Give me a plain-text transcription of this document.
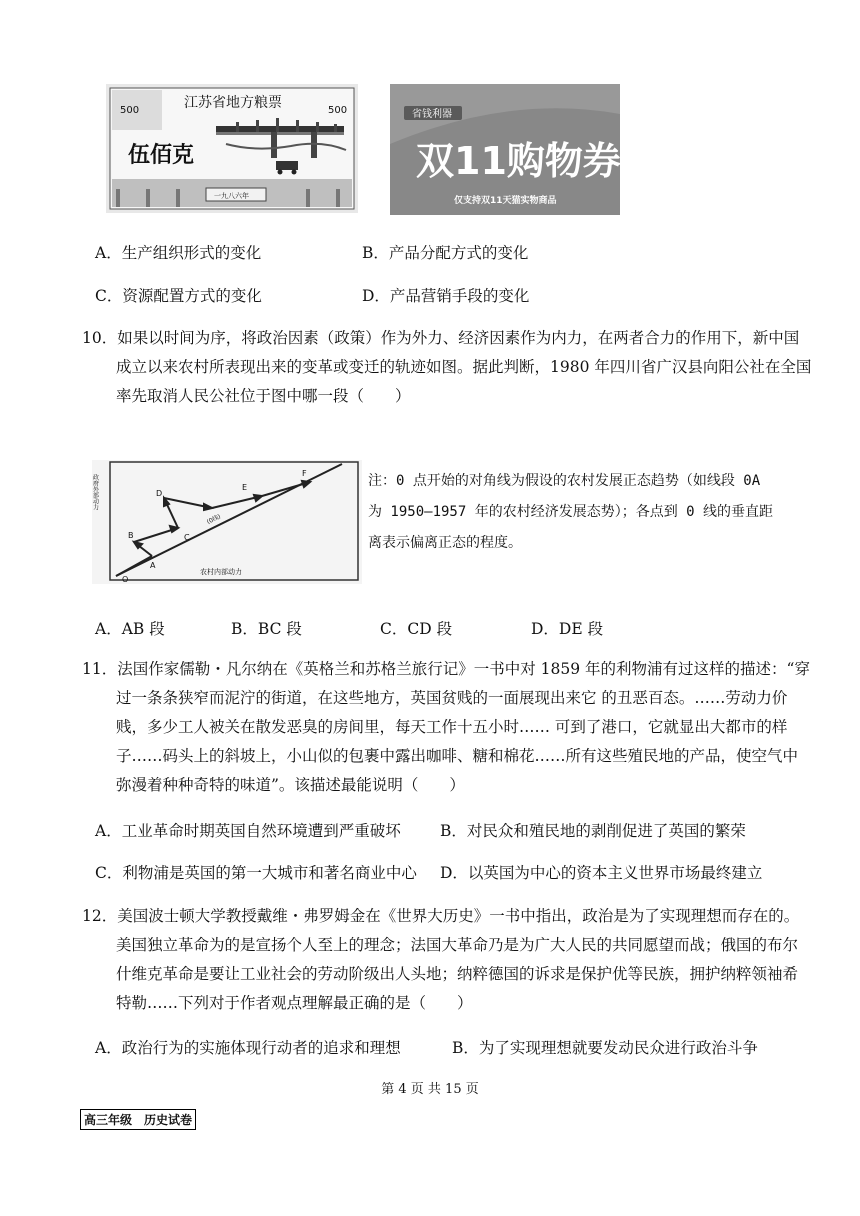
江苏省地方粮票
500	500
伍佰克
一九八六年
省钱利器
双11购物券
仅支持双11天猫实物商品
A．生产组织形式的变化	B．产品分配方式的变化
C．资源配置方式的变化	D．产品营销手段的变化
10．如果以时间为序，将政治因素（政策）作为外力、经济因素作为内力，在两者合力的作用下，新中国
成立以来农村所表现出来的变革或变迁的轨迹如图。据此判断，1980 年四川省广汉县向阳公社在全国
率先取消人民公社位于图中哪一段（　　）
政府外部动力
农村内部动力
(0线)
O
A
B	C
D
E
F	注：0 点开始的对角线为假设的农村发展正态趋势（如线段 0A
为 1950—1957 年的农村经济发展态势）；各点到 0 线的垂直距
离表示偏离正态的程度。
A．AB 段	B．BC 段	C．CD 段	D．DE 段
11．法国作家儒勒・凡尔纳在《英格兰和苏格兰旅行记》一书中对 1859 年的利物浦有过这样的描述：“穿
过一条条狭窄而泥泞的街道，在这些地方，英国贫贱的一面展现出来它 的丑恶百态。……劳动力价
贱，多少工人被关在散发恶臭的房间里，每天工作十五小时…… 可到了港口，它就显出大都市的样
子……码头上的斜坡上，小山似的包裹中露出咖啡、糖和棉花……所有这些殖民地的产品，使空气中
弥漫着种种奇特的味道”。该描述最能说明（　　）
A．工业革命时期英国自然环境遭到严重破坏	B．对民众和殖民地的剥削促进了英国的繁荣
C．利物浦是英国的第一大城市和著名商业中心 D．以英国为中心的资本主义世界市场最终建立
12．美国波士顿大学教授戴维・弗罗姆金在《世界大历史》一书中指出，政治是为了实现理想而存在的。
美国独立革命为的是宣扬个人至上的理念；法国大革命乃是为广大人民的共同愿望而战；俄国的布尔
什维克革命是要让工业社会的劳动阶级出人头地；纳粹德国的诉求是保护优等民族，拥护纳粹领袖希
特勒……下列对于作者观点理解最正确的是（　　）
A．政治行为的实施体现行动者的追求和理想	B．为了实现理想就要发动民众进行政治斗争
第 4 页 共 15 页
高三年级　历史试卷
